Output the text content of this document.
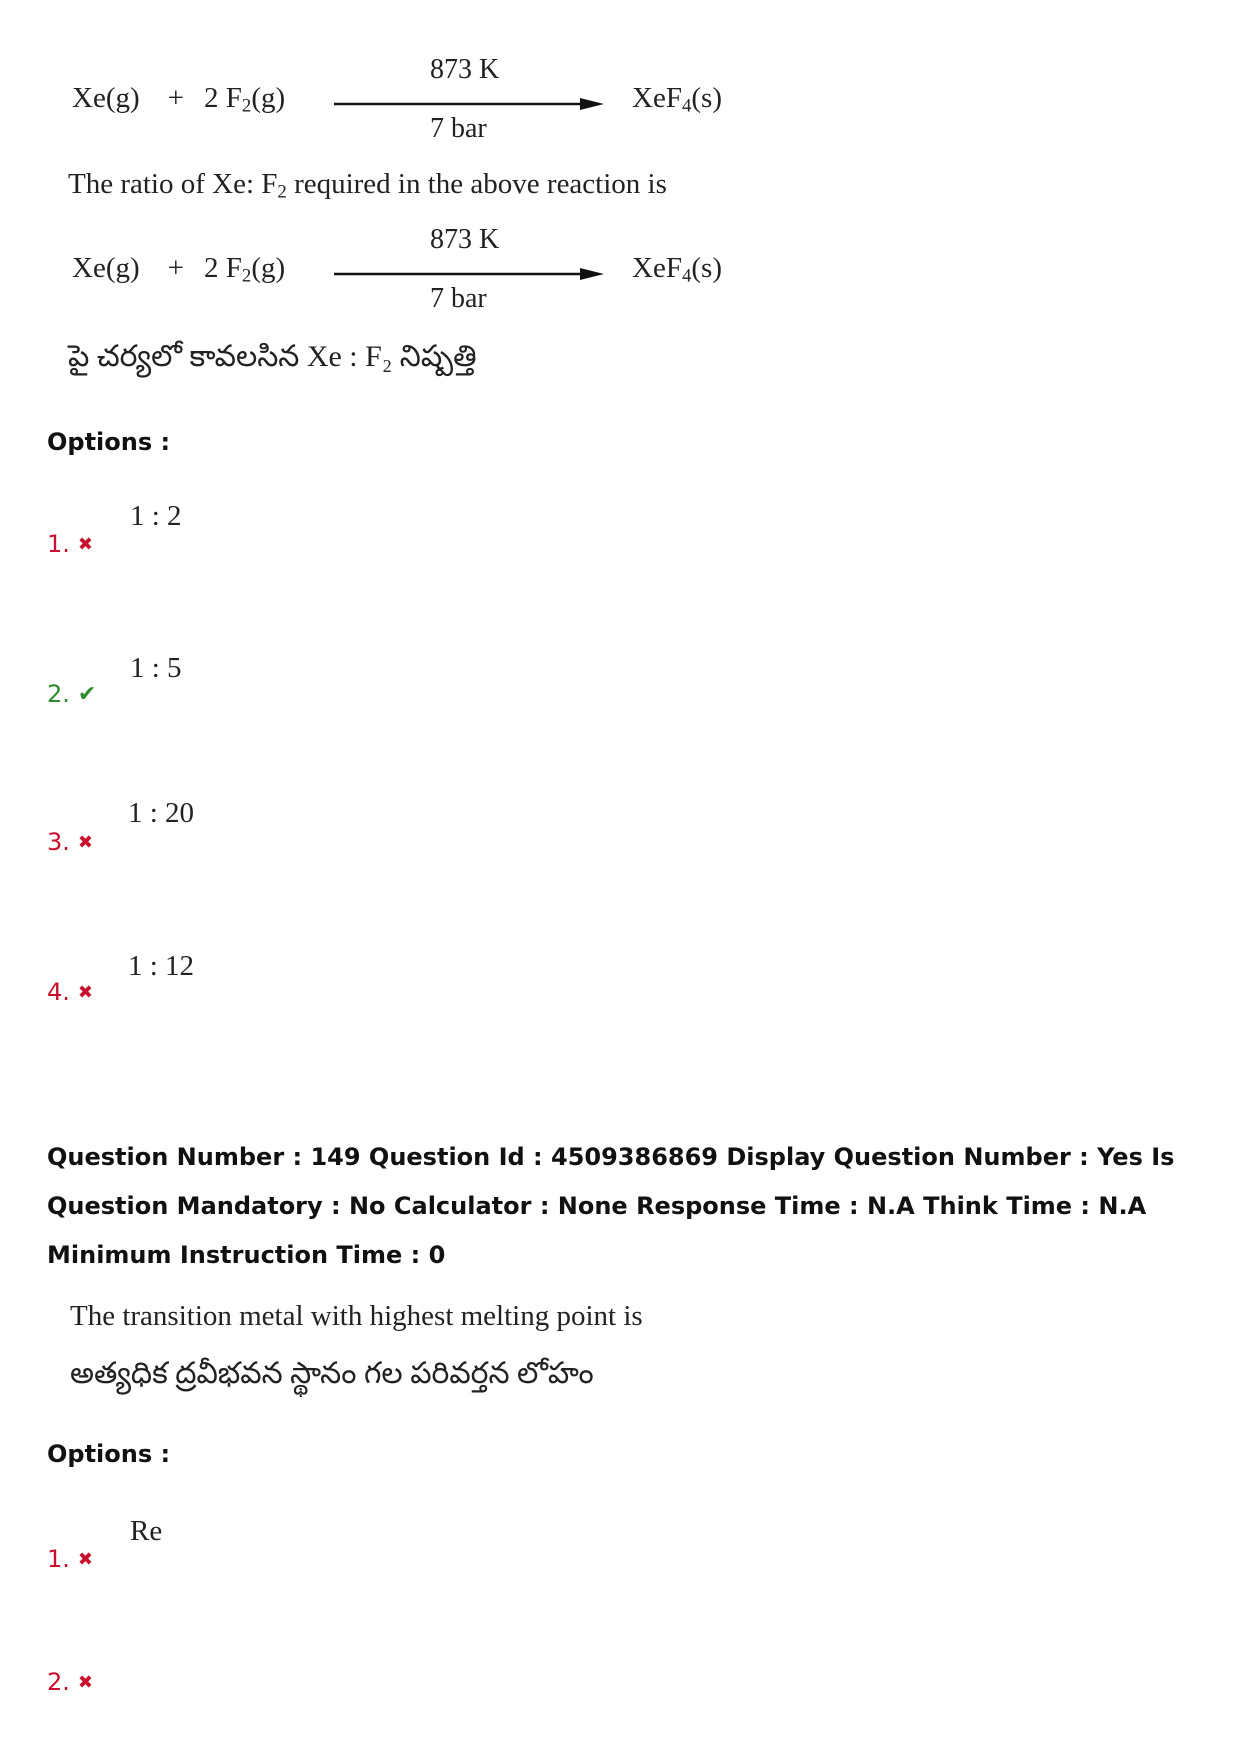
Xe(g) + 2 $F_2(g)$
873 K
7 bar
XeF$_4$(s)
The ratio of Xe: $F_2$ required in the above reaction is
Xe(g) + 2 $F_2(g)$
873 K
7 bar
XeF$_4$(s)
పై చర్యలో కావలసిన Xe : F₂ నిష్పత్తి
Options :
1 : 2
1. ✖
1 : 5
2. ✔
1 : 20
3. ✖
1 : 12
4. ✖
Question Number : 149 Question Id : 4509386869 Display Question Number : Yes Is Question Mandatory : No Calculator : None Response Time : N.A Think Time : N.A Minimum Instruction Time : 0
The transition metal with highest melting point is
అత్యధిక ద్రవీభవన స్థానం గల పరివర్తన లోహం
Options :
Re
1. ✖
2. ✖
